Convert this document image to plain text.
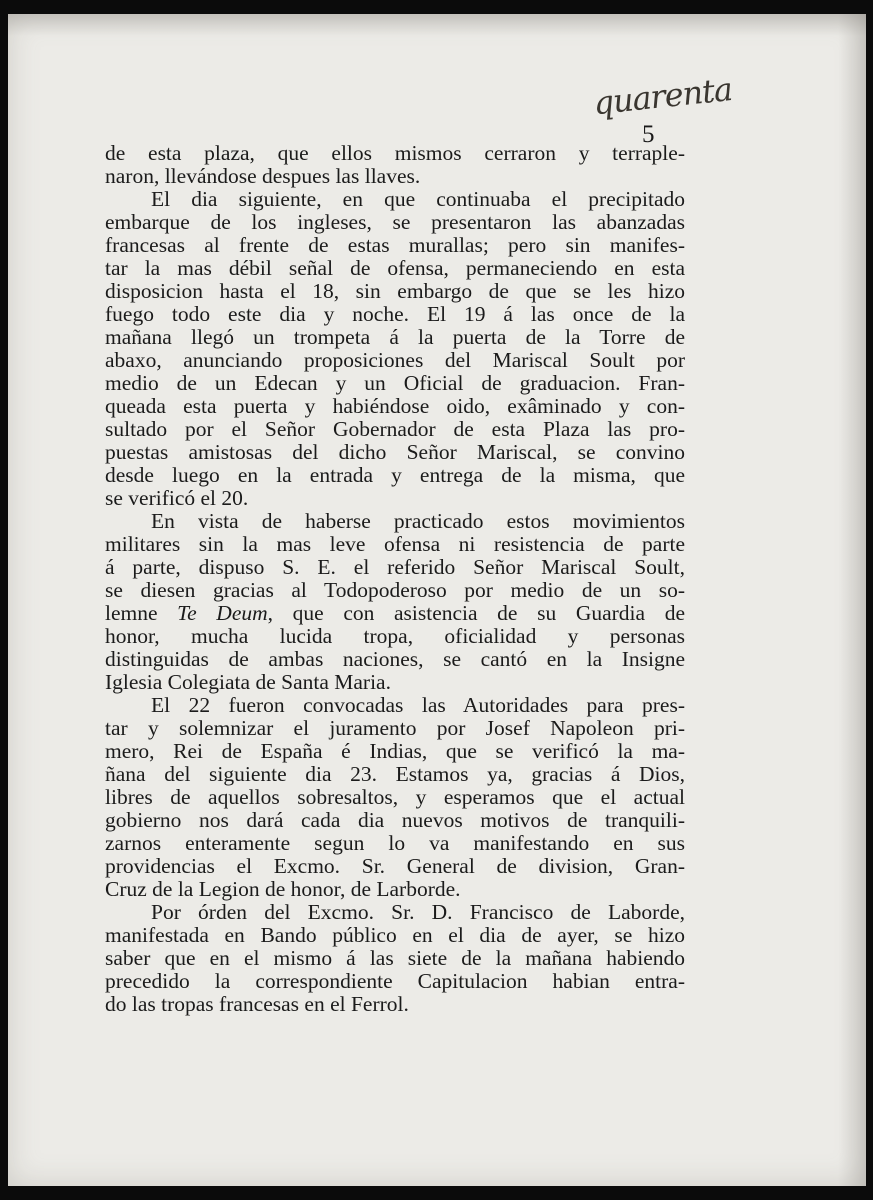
quarenta
5
de esta plaza, que ellos mismos cerraron y terraple-
naron, llevándose despues las llaves.
El dia siguiente, en que continuaba el precipitado
embarque de los ingleses, se presentaron las abanzadas
francesas al frente de estas murallas; pero sin manifes-
tar la mas débil señal de ofensa, permaneciendo en esta
disposicion hasta el 18, sin embargo de que se les hizo
fuego todo este dia y noche. El 19 á las once de la
mañana llegó un trompeta á la puerta de la Torre de
abaxo, anunciando proposiciones del Mariscal Soult por
medio de un Edecan y un Oficial de graduacion. Fran-
queada esta puerta y habiéndose oido, exâminado y con-
sultado por el Señor Gobernador de esta Plaza las pro-
puestas amistosas del dicho Señor Mariscal, se convino
desde luego en la entrada y entrega de la misma, que
se verificó el 20.
En vista de haberse practicado estos movimientos
militares sin la mas leve ofensa ni resistencia de parte
á parte, dispuso S. E. el referido Señor Mariscal Soult,
se diesen gracias al Todopoderoso por medio de un so-
lemne Te Deum, que con asistencia de su Guardia de
honor, mucha lucida tropa, oficialidad y personas
distinguidas de ambas naciones, se cantó en la Insigne
Iglesia Colegiata de Santa Maria.
El 22 fueron convocadas las Autoridades para pres-
tar y solemnizar el juramento por Josef Napoleon pri-
mero, Rei de España é Indias, que se verificó la ma-
ñana del siguiente dia 23. Estamos ya, gracias á Dios,
libres de aquellos sobresaltos, y esperamos que el actual
gobierno nos dará cada dia nuevos motivos de tranquili-
zarnos enteramente segun lo va manifestando en sus
providencias el Excmo. Sr. General de division, Gran-
Cruz de la Legion de honor, de Larborde.
Por órden del Excmo. Sr. D. Francisco de Laborde,
manifestada en Bando público en el dia de ayer, se hizo
saber que en el mismo á las siete de la mañana habiendo
precedido la correspondiente Capitulacion habian entra-
do las tropas francesas en el Ferrol.
